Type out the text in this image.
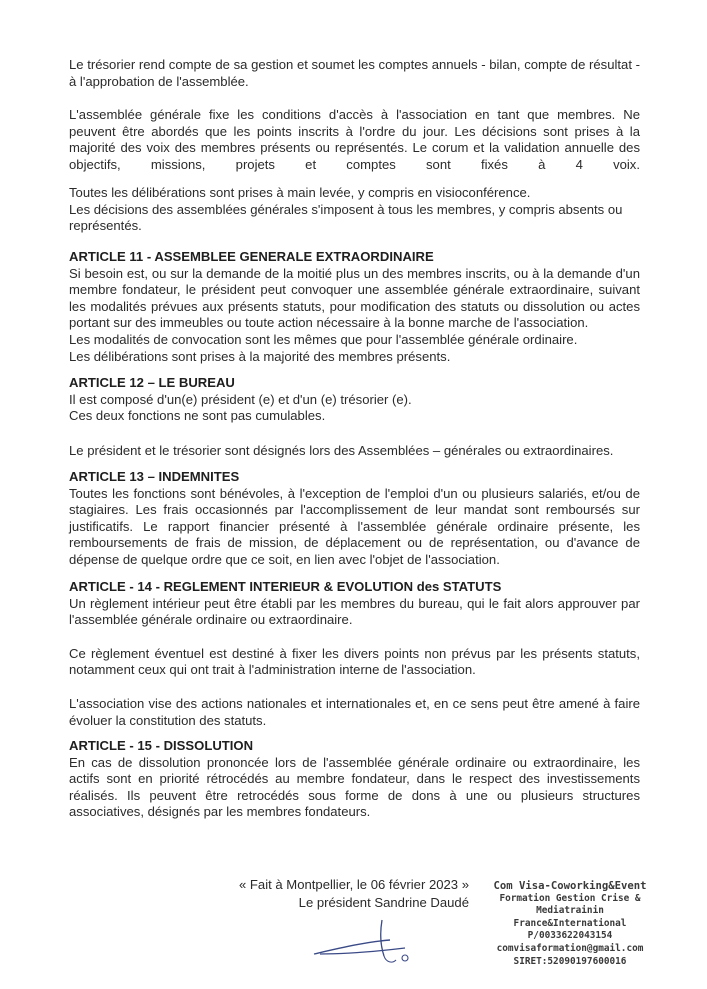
Le trésorier rend compte de sa gestion et soumet les comptes annuels - bilan, compte de résultat - à l'approbation de l'assemblée.

L'assemblée générale fixe les conditions d'accès à l'association en tant que membres. Ne
peuvent être abordés que les points inscrits à l'ordre du jour. Les décisions sont prises à la
majorité des voix des membres présents ou représentés. Le corum et la validation annuelle des
objectifs, missions, projets et comptes sont fixés à 4 voix.
Toutes les délibérations sont prises à main levée, y compris en visioconférence.
Les décisions des assemblées générales s'imposent à tous les membres, y compris absents ou représentés.
ARTICLE 11 - ASSEMBLEE GENERALE EXTRAORDINAIRE
Si besoin est, ou sur la demande de la moitié plus un des membres inscrits, ou à la demande d'un membre fondateur, le président peut convoquer une assemblée générale extraordinaire, suivant les modalités prévues aux présents statuts, pour modification des statuts ou dissolution ou actes portant sur des immeubles ou toute action nécessaire à la bonne marche de l'association.
Les modalités de convocation sont les mêmes que pour l'assemblée générale ordinaire.
Les délibérations sont prises à la majorité des membres présents.
ARTICLE 12 – LE BUREAU
Il est composé d'un(e) président (e) et d'un (e) trésorier (e).
Ces deux fonctions ne sont pas cumulables.
Le président et le trésorier sont désignés lors des Assemblées – générales ou extraordinaires.
ARTICLE 13 – INDEMNITES
Toutes les fonctions sont bénévoles, à l'exception de l'emploi d'un ou plusieurs salariés, et/ou de stagiaires. Les frais occasionnés par l'accomplissement de leur mandat sont remboursés sur justificatifs. Le rapport financier présenté à l'assemblée générale ordinaire présente, les remboursements de frais de mission, de déplacement ou de représentation, ou d'avance de dépense de quelque ordre que ce soit, en lien avec l'objet de l'association.
ARTICLE - 14 - REGLEMENT INTERIEUR & EVOLUTION des STATUTS
Un règlement intérieur peut être établi par les membres du bureau, qui le fait alors approuver par l'assemblée générale ordinaire ou extraordinaire.
Ce règlement éventuel est destiné à fixer les divers points non prévus par les présents statuts, notamment ceux qui ont trait à l'administration interne de l'association.
L'association vise des actions nationales et internationales et, en ce sens peut être amené à faire évoluer la constitution des statuts.
ARTICLE - 15 - DISSOLUTION
En cas de dissolution prononcée lors de l'assemblée générale ordinaire ou extraordinaire, les actifs sont en priorité rétrocédés au membre fondateur, dans le respect des investissements réalisés. Ils peuvent être retrocédés sous forme de dons à une ou plusieurs structures associatives, désignés par les membres fondateurs.
« Fait à Montpellier, le 06 février 2023 »
Le président Sandrine Daudé
Com Visa-Coworking&Event
Formation Gestion Crise & Mediatrainin
France&International
P/0033622043154
comvisaformation@gmail.com
SIRET:52090197600016
